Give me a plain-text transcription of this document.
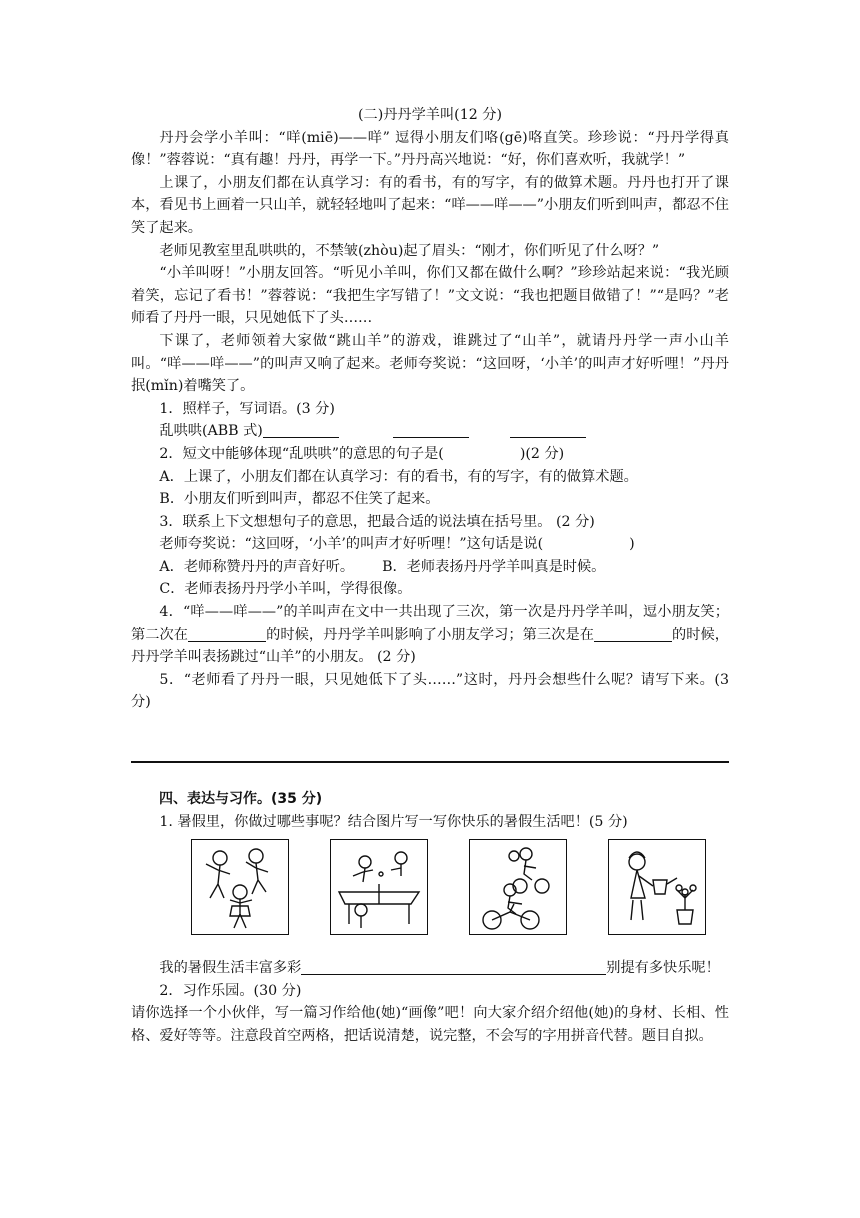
(二)丹丹学羊叫(12 分)
丹丹会学小羊叫：“咩(miē)——咩” 逗得小朋友们咯(gē)咯直笑。珍珍说：“丹丹学得真像！”蓉蓉说：“真有趣！丹丹，再学一下。”丹丹高兴地说：“好，你们喜欢听，我就学！”
上课了，小朋友们都在认真学习：有的看书，有的写字，有的做算术题。丹丹也打开了课本，看见书上画着一只山羊，就轻轻地叫了起来：“咩——咩——”小朋友们听到叫声，都忍不住笑了起来。
老师见教室里乱哄哄的，不禁皱(zhòu)起了眉头：“刚才，你们听见了什么呀？”
“小羊叫呀！”小朋友回答。“听见小羊叫，你们又都在做什么啊？”珍珍站起来说：“我光顾着笑，忘记了看书！”蓉蓉说：“我把生字写错了！”文文说：“我也把题目做错了！”“是吗？”老师看了丹丹一眼，只见她低下了头……
下课了，老师领着大家做“跳山羊”的游戏，谁跳过了“山羊”，就请丹丹学一声小山羊叫。“咩——咩——”的叫声又响了起来。老师夸奖说：“这回呀，‘小羊’的叫声才好听哩！”丹丹抿(mǐn)着嘴笑了。
1．照样子，写词语。(3 分)
乱哄哄(ABB 式)
2．短文中能够体现“乱哄哄”的意思的句子是(	)(2 分)
A．上课了，小朋友们都在认真学习：有的看书，有的写字，有的做算术题。
B．小朋友们听到叫声，都忍不住笑了起来。
3．联系上下文想想句子的意思，把最合适的说法填在括号里。 (2 分)
老师夸奖说：“这回呀，‘小羊’的叫声才好听哩！”这句话是说(	)
A．老师称赞丹丹的声音好听。 B．老师表扬丹丹学羊叫真是时候。
C．老师表扬丹丹学小羊叫，学得很像。
4．“咩——咩——”的羊叫声在文中一共出现了三次，第一次是丹丹学羊叫，逗小朋友笑；第二次在	的时候，丹丹学羊叫影响了小朋友学习；第三次是在	的时候，丹丹学羊叫表扬跳过“山羊”的小朋友。 (2 分)
5．“老师看了丹丹一眼，只见她低下了头……”这时，丹丹会想些什么呢？请写下来。(3 分)
四、表达与习作。(35 分)
1. 暑假里，你做过哪些事呢？结合图片写一写你快乐的暑假生活吧！(5 分)
我的暑假生活丰富多彩	别提有多快乐呢！
2．习作乐园。(30 分)
请你选择一个小伙伴，写一篇习作给他(她)“画像”吧！向大家介绍介绍他(她)的身材、长相、性格、爱好等等。注意段首空两格，把话说清楚，说完整，不会写的字用拼音代替。题目自拟。
